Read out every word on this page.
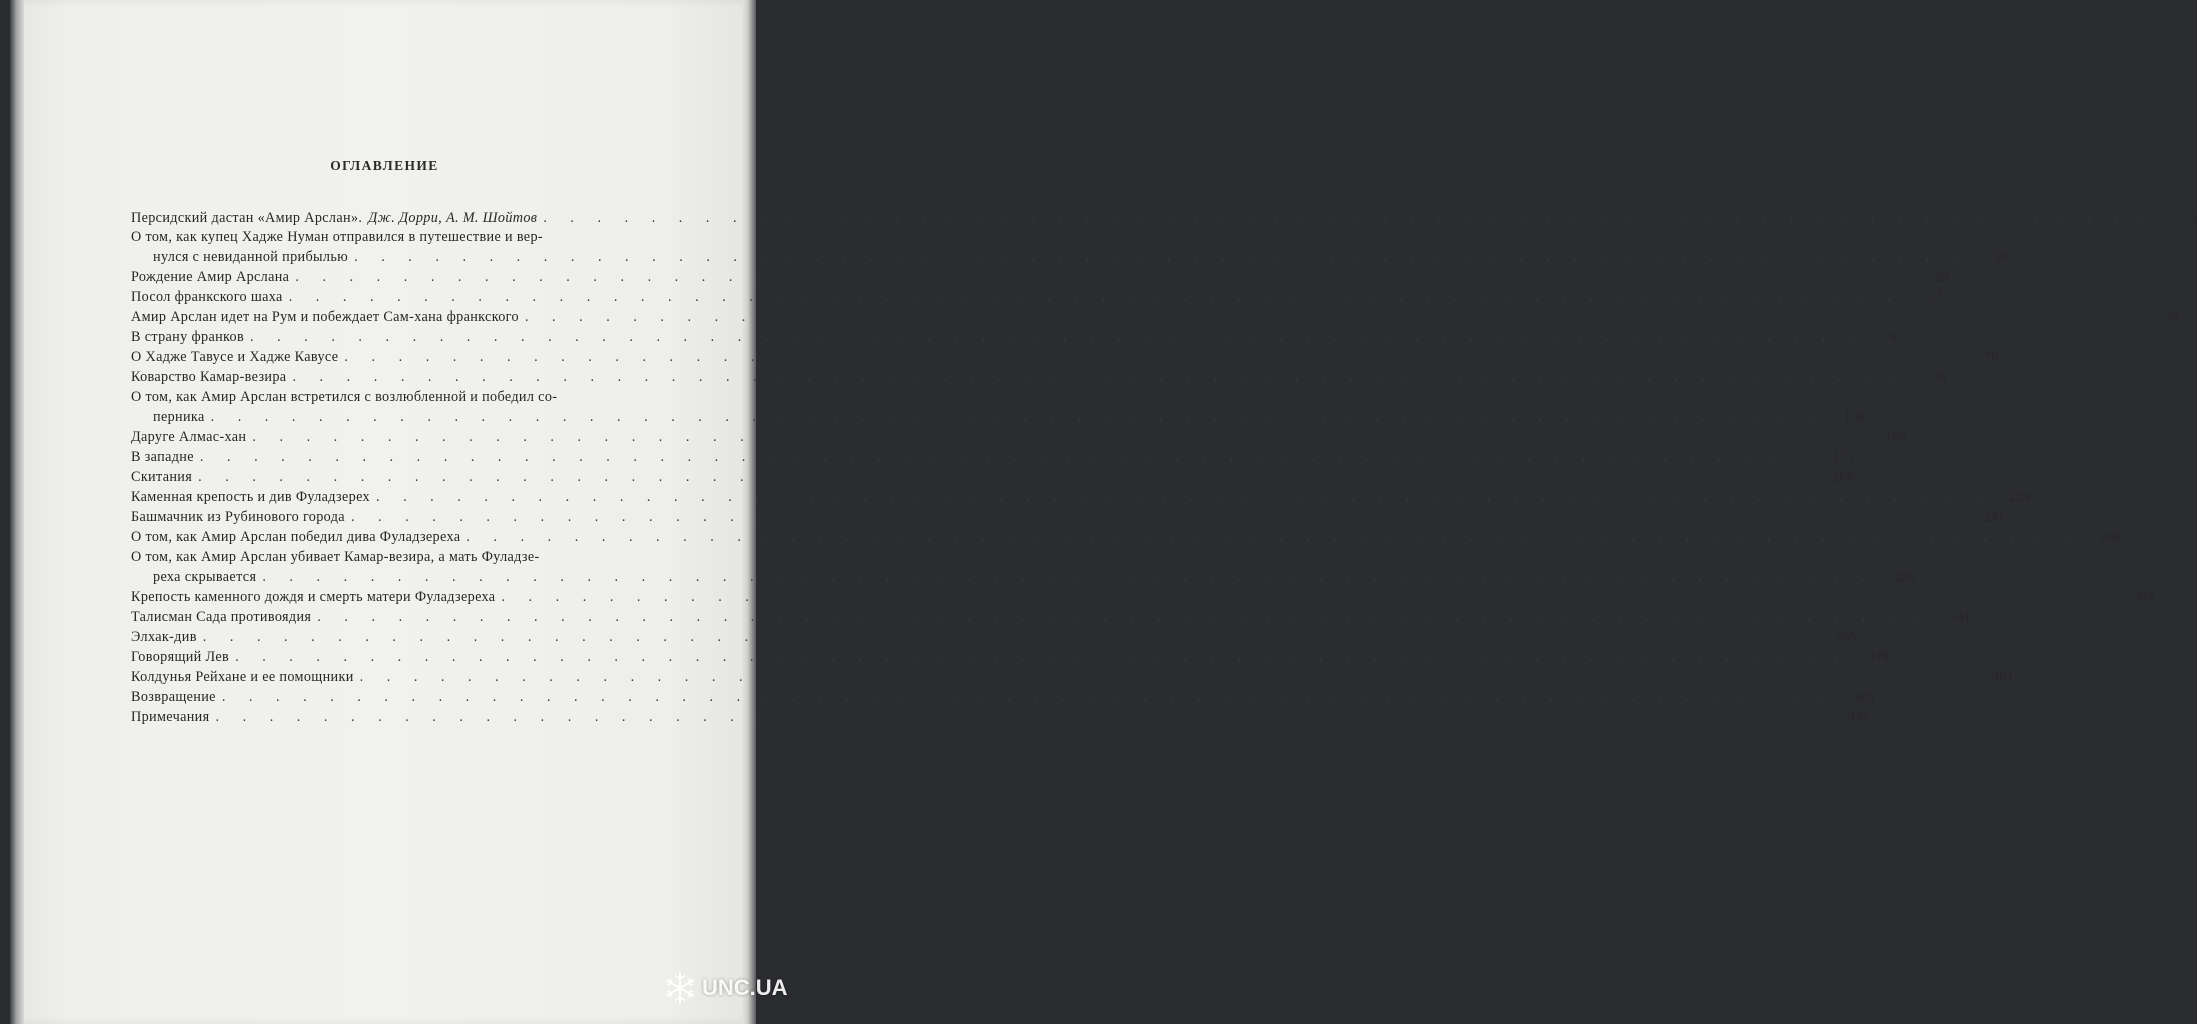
ОГЛАВЛЕНИЕ
Персидский дастан «Амир Арслан». Дж. Дорри, А. М. Шойтов . . .	5
О том, как купец Хадже Нуман отправился в путешествие и вер-
нулся с невиданной прибылью . . .	19
Рождение Амир Арслана . . .	25
Посол франкского шаха . . .	32
Амир Арслан идет на Рум и побеждает Сам-хана франкского . . .	39
В страну франков . . .	62
О Хадже Тавусе и Хадже Кавусе . . .	78
Коварство Камар-везира . . .	99
О том, как Амир Арслан встретился с возлюбленной и победил со-
перника . . .	118
Даруге Алмас-хан . . .	150
В западне . . .	173
Скитания . . .	214
Каменная крепость и див Фуладзерех . . .	229
Башмачник из Рубинового города . . .	241
О том, как Амир Арслан победил дива Фуладзереха . . .	268
О том, как Амир Арслан убивает Камар-везира, а мать Фуладзе-
реха скрывается . . .	289
Крепость каменного дождя и смерть матери Фуладзереха . . .	311
Талисман Сада противоядия . . .	341
Элхак-див . . .	365
Говорящий Лев . . .	378
Колдунья Рейхане и ее помощники . . .	401
Возвращение . . .	421
Примечания . . .	437
UNC.UA
